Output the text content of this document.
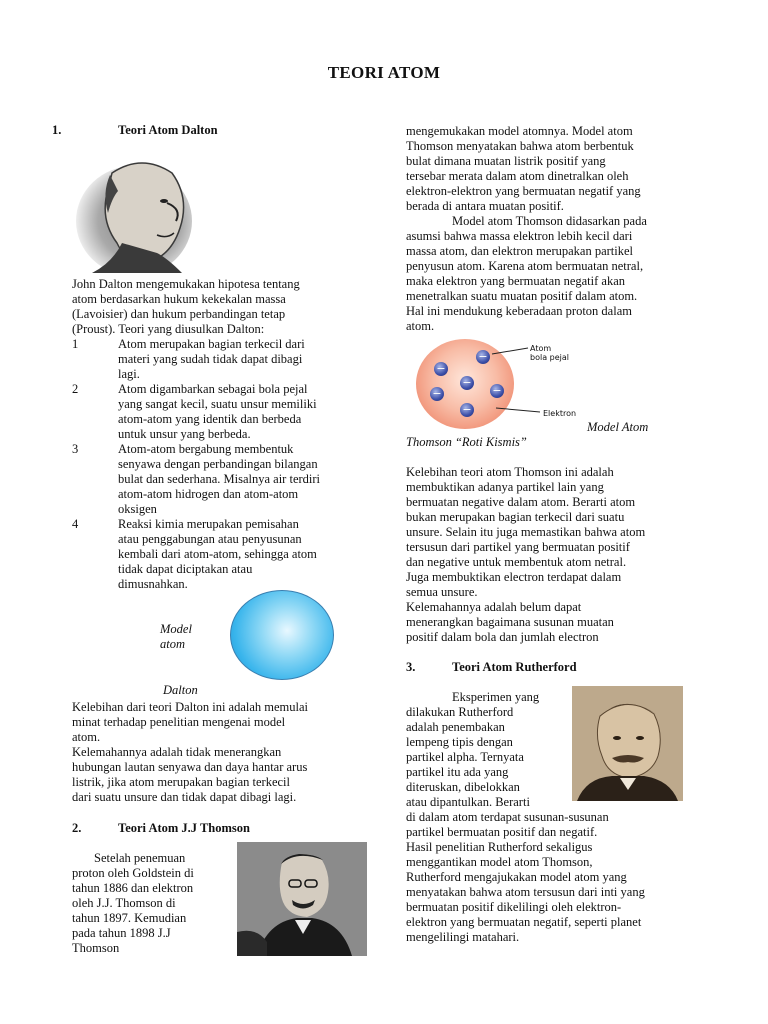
TEORI ATOM
1.	Teori Atom Dalton
John Dalton mengemukakan hipotesa tentang
atom berdasarkan hukum kekekalan massa
(Lavoisier) dan hukum perbandingan tetap
(Proust). Teori yang diusulkan Dalton:
1	Atom merupakan bagian terkecil dari
materi yang sudah tidak dapat dibagi
lagi.
2	Atom digambarkan sebagai bola pejal
yang sangat kecil, suatu unsur memiliki
atom-atom yang identik dan berbeda
untuk unsur yang berbeda.
3	Atom-atom bergabung membentuk
senyawa dengan perbandingan bilangan
bulat dan sederhana. Misalnya air terdiri
atom-atom hidrogen dan atom-atom
oksigen
4	Reaksi kimia merupakan pemisahan
atau penggabungan atau penyusunan
kembali dari atom-atom, sehingga atom
tidak dapat diciptakan atau
dimusnahkan.
Model
atom
Dalton
Kelebihan dari teori Dalton ini adalah memulai
minat terhadap penelitian mengenai model
atom.
Kelemahannya adalah tidak menerangkan
hubungan lautan senyawa dan daya hantar arus
listrik, jika atom merupakan bagian terkecil
dari suatu unsure dan tidak dapat dibagi lagi.
2.	Teori Atom J.J Thomson
Setelah penemuan
proton oleh Goldstein di
tahun 1886 dan elektron
oleh J.J. Thomson di
tahun 1897. Kemudian
pada tahun 1898 J.J
Thomson
mengemukakan model atomnya. Model atom
Thomson menyatakan bahwa atom berbentuk
bulat dimana muatan listrik positif yang
tersebar merata dalam atom dinetralkan oleh
elektron-elektron yang bermuatan negatif yang
berada di antara muatan positif.
Model atom Thomson didasarkan pada
asumsi bahwa massa elektron lebih kecil dari
massa atom, dan elektron merupakan partikel
penyusun atom. Karena atom bermuatan netral,
maka elektron yang bermuatan negatif akan
menetralkan suatu muatan positif dalam atom.
Hal ini mendukung keberadaan proton dalam
atom.
−
−
−
−	−
−
Atom
bola pejal
Elektron
Model Atom
Thomson “Roti Kismis”
Kelebihan teori atom Thomson ini adalah
membuktikan adanya partikel lain yang
bermuatan negative dalam atom. Berarti atom
bukan merupakan bagian terkecil dari suatu
unsure. Selain itu juga memastikan bahwa atom
tersusun dari partikel yang bermuatan positif
dan negative untuk membentuk atom netral.
Juga membuktikan electron terdapat dalam
semua unsure.
Kelemahannya adalah belum dapat
menerangkan bagaimana susunan muatan
positif dalam bola dan jumlah electron
3.	Teori Atom Rutherford
Eksperimen yang
dilakukan Rutherford
adalah penembakan
lempeng tipis dengan
partikel alpha. Ternyata
partikel itu ada yang
diteruskan, dibelokkan
atau dipantulkan. Berarti
di dalam atom terdapat susunan-susunan
partikel bermuatan positif dan negatif.
Hasil penelitian Rutherford sekaligus
menggantikan model atom Thomson,
Rutherford mengajukakan model atom yang
menyatakan bahwa atom tersusun dari inti yang
bermuatan positif dikelilingi oleh elektron-
elektron yang bermuatan negatif, seperti planet
mengelilingi matahari.
